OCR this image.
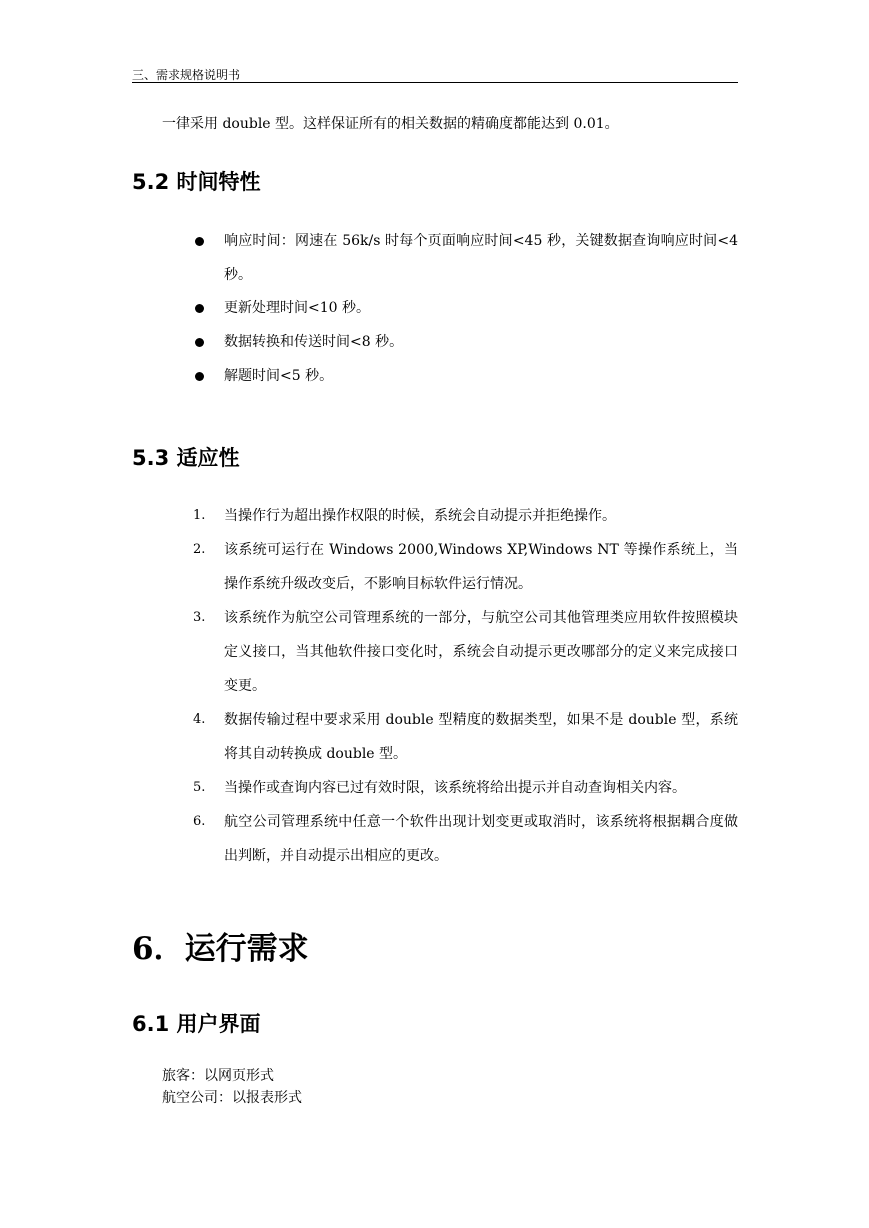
三、需求规格说明书
一律采用 double 型。这样保证所有的相关数据的精确度都能达到 0.01。
5.2 时间特性
响应时间：网速在 56k/s 时每个页面响应时间<45 秒，关键数据查询响应时间<4 秒。
更新处理时间<10 秒。
数据转换和传送时间<8 秒。
解题时间<5 秒。
5.3 适应性
1. 当操作行为超出操作权限的时候，系统会自动提示并拒绝操作。
2. 该系统可运行在 Windows 2000,Windows XP,Windows NT 等操作系统上，当操作系统升级改变后，不影响目标软件运行情况。
3. 该系统作为航空公司管理系统的一部分，与航空公司其他管理类应用软件按照模块定义接口，当其他软件接口变化时，系统会自动提示更改哪部分的定义来完成接口变更。
4. 数据传输过程中要求采用 double 型精度的数据类型，如果不是 double 型，系统将其自动转换成 double 型。
5. 当操作或查询内容已过有效时限，该系统将给出提示并自动查询相关内容。
6. 航空公司管理系统中任意一个软件出现计划变更或取消时，该系统将根据耦合度做出判断，并自动提示出相应的更改。
6．运行需求
6.1 用户界面
旅客：以网页形式
航空公司：以报表形式
